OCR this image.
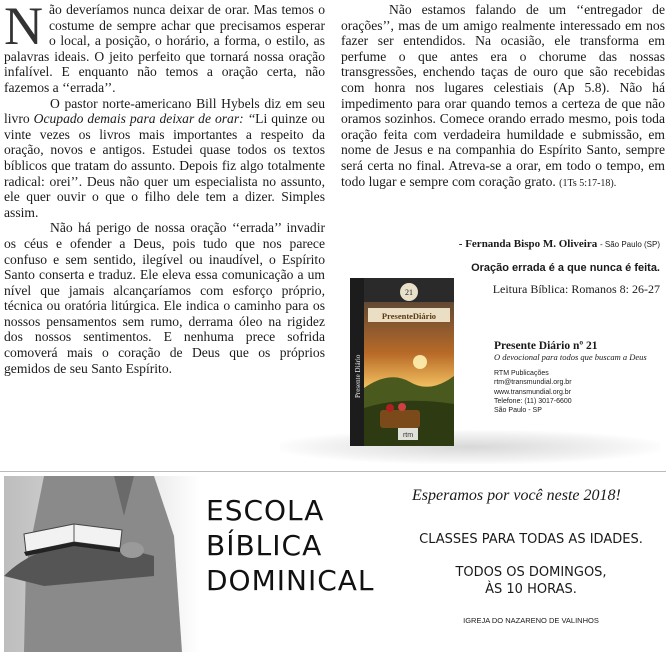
Não deveríamos nunca deixar de orar. Mas temos o costume de sempre achar que precisamos esperar o local, a posição, o horário, a forma, o estilo, as palavras ideais. O jeito perfeito que tornará nossa oração infalível. E enquanto não temos a oração certa, não fazemos a ‘‘errada’’.

O pastor norte-americano Bill Hybels diz em seu livro Ocupado demais para deixar de orar: ‘‘Li quinze ou vinte vezes os livros mais importantes a respeito da oração, novos e antigos. Estudei quase todos os textos bíblicos que tratam do assunto. Depois fiz algo totalmente radical: orei’’. Deus não quer um especialista no assunto, ele quer ouvir o que o filho dele tem a dizer. Simples assim.

Não há perigo de nossa oração ‘‘errada’’ invadir os céus e ofender a Deus, pois tudo que nos parece confuso e sem sentido, ilegível ou inaudível, o Espírito Santo conserta e traduz. Ele eleva essa comunicação a um nível que jamais alcançaríamos com esforço próprio, técnica ou oratória litúrgica. Ele indica o caminho para os nossos pensamentos sem rumo, derrama óleo na rigidez dos nossos sentimentos. E nenhuma prece sofrida comoverá mais o coração de Deus que os próprios gemidos de seu Santo Espírito.

Não estamos falando de um ‘‘entregador de orações’’, mas de um amigo realmente interessado em nos fazer ser entendidos. Na ocasião, ele transforma em perfume o que antes era o chorume das nossas transgressões, enchendo taças de ouro que são recebidas com honra nos lugares celestiais (Ap 5.8). Não há impedimento para orar quando temos a certeza de que não oramos sozinhos. Comece orando errado mesmo, pois toda oração feita com verdadeira humildade e submissão, em nome de Jesus e na companhia do Espírito Santo, sempre será certa no final. Atreva-se a orar, em todo o tempo, em todo lugar e sempre com coração grato. (1Ts 5:17-18).

- Fernanda Bispo M. Oliveira - São Paulo (SP)
Oração errada é a que nunca é feita.
Leitura Bíblica: Romanos 8: 26-27
21
PresenteDiário
Presente Diário
rtm
Presente Diário nº 21
O devocional para todos que buscam a Deus
RTM Publicações
rtm@transmundial.org.br
www.transmundial.org.br
Telefone: (11) 3017-6600
São Paulo - SP
ESCOLA
BÍBLICA
DOMINICAL
Esperamos por você neste 2018!
CLASSES PARA TODAS AS IDADES.
TODOS OS DOMINGOS,
ÀS 10 HORAS.
IGREJA DO NAZARENO DE VALINHOS
